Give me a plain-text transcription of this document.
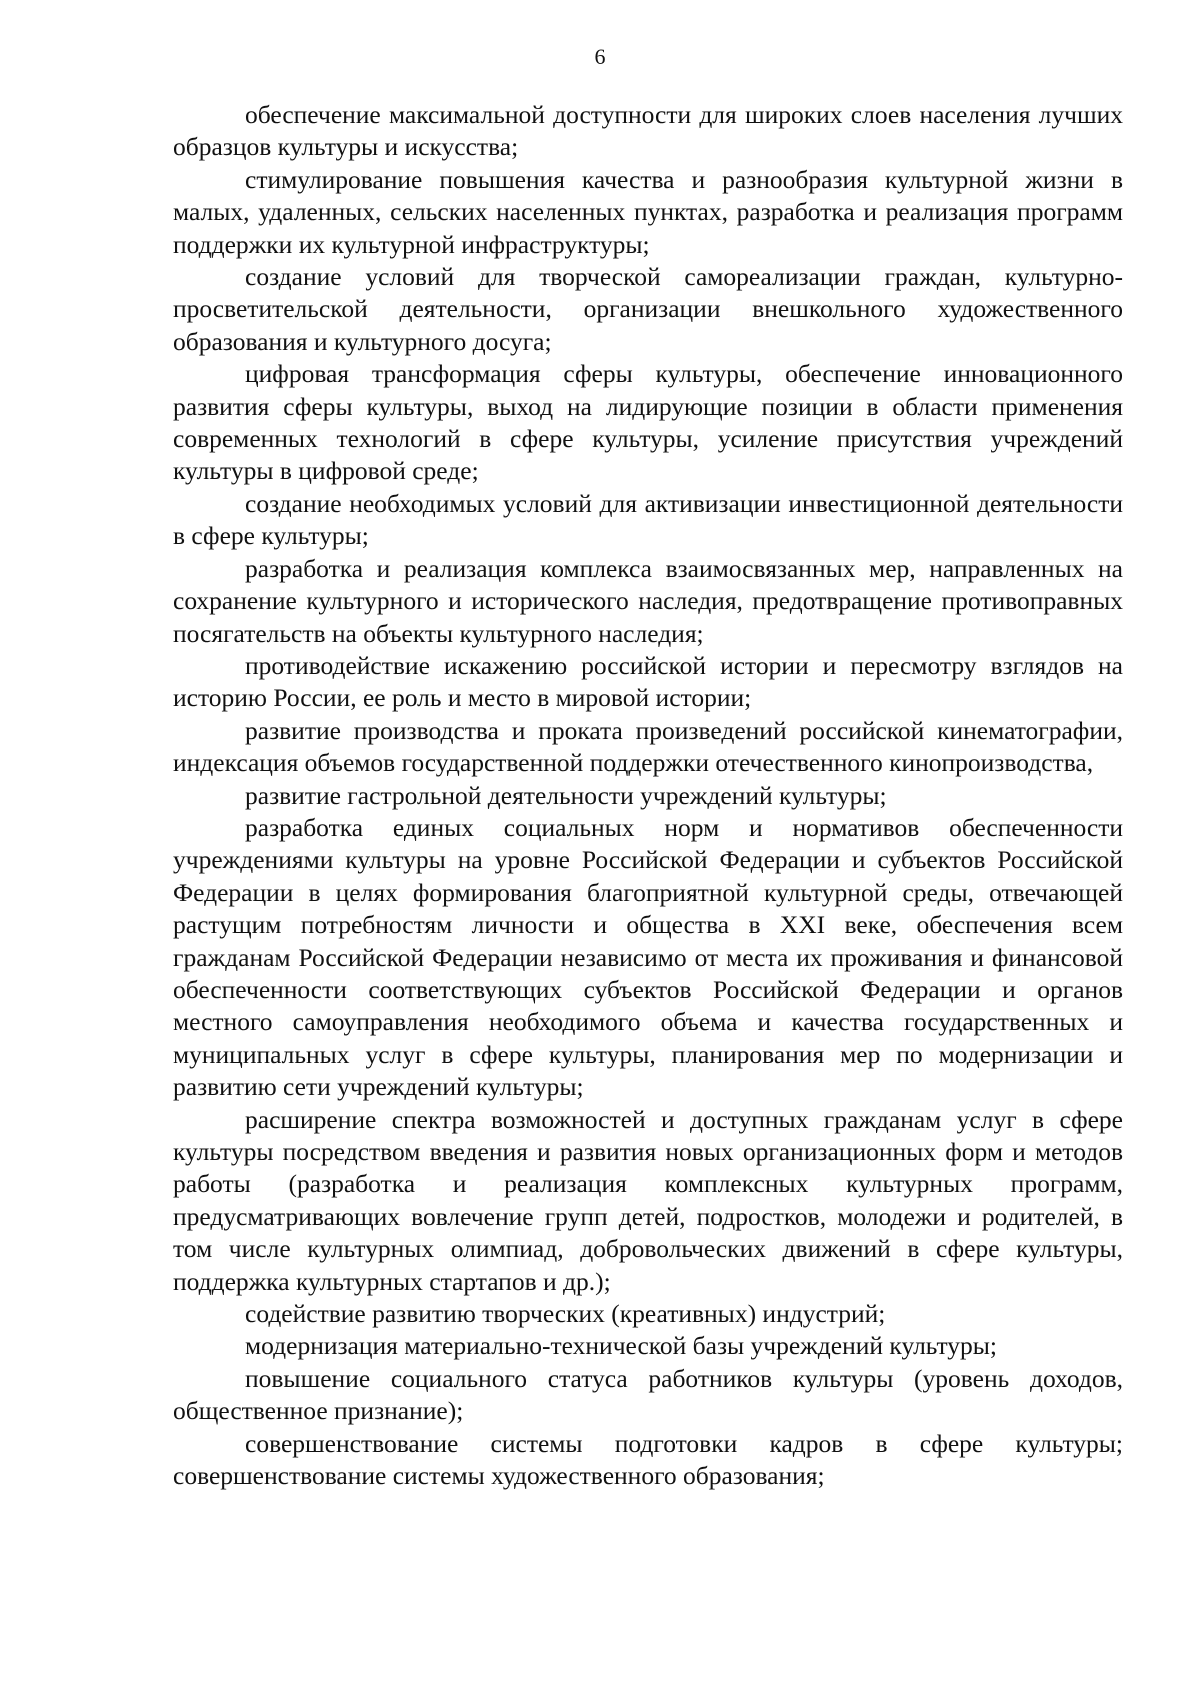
6

обеспечение максимальной доступности для широких слоев населения лучших образцов культуры и искусства;

стимулирование повышения качества и разнообразия культурной жизни в малых, удаленных, сельских населенных пунктах, разработка и реализация программ поддержки их культурной инфраструктуры;

создание условий для творческой самореализации граждан, культурно-просветительской деятельности, организации внешкольного художественного образования и культурного досуга;

цифровая трансформация сферы культуры, обеспечение инновационного развития сферы культуры, выход на лидирующие позиции в области применения современных технологий в сфере культуры, усиление присутствия учреждений культуры в цифровой среде;

создание необходимых условий для активизации инвестиционной деятельности в сфере культуры;

разработка и реализация комплекса взаимосвязанных мер, направленных на сохранение культурного и исторического наследия, предотвращение противоправных посягательств на объекты культурного наследия;

противодействие искажению российской истории и пересмотру взглядов на историю России, ее роль и место в мировой истории;

развитие производства и проката произведений российской кинематографии, индексация объемов государственной поддержки отечественного кинопроизводства,

развитие гастрольной деятельности учреждений культуры;

разработка единых социальных норм и нормативов обеспеченности учреждениями культуры на уровне Российской Федерации и субъектов Российской Федерации в целях формирования благоприятной культурной среды, отвечающей растущим потребностям личности и общества в XXI веке, обеспечения всем гражданам Российской Федерации независимо от места их проживания и финансовой обеспеченности соответствующих субъектов Российской Федерации и органов местного самоуправления необходимого объема и качества государственных и муниципальных услуг в сфере культуры, планирования мер по модернизации и развитию сети учреждений культуры;

расширение спектра возможностей и доступных гражданам услуг в сфере культуры посредством введения и развития новых организационных форм и методов работы (разработка и реализация комплексных культурных программ, предусматривающих вовлечение групп детей, подростков, молодежи и родителей, в том числе культурных олимпиад, добровольческих движений в сфере культуры, поддержка культурных стартапов и др.);

содействие развитию творческих (креативных) индустрий;

модернизация материально-технической базы учреждений культуры;

повышение социального статуса работников культуры (уровень доходов, общественное признание);

совершенствование системы подготовки кадров в сфере культуры; совершенствование системы художественного образования;
